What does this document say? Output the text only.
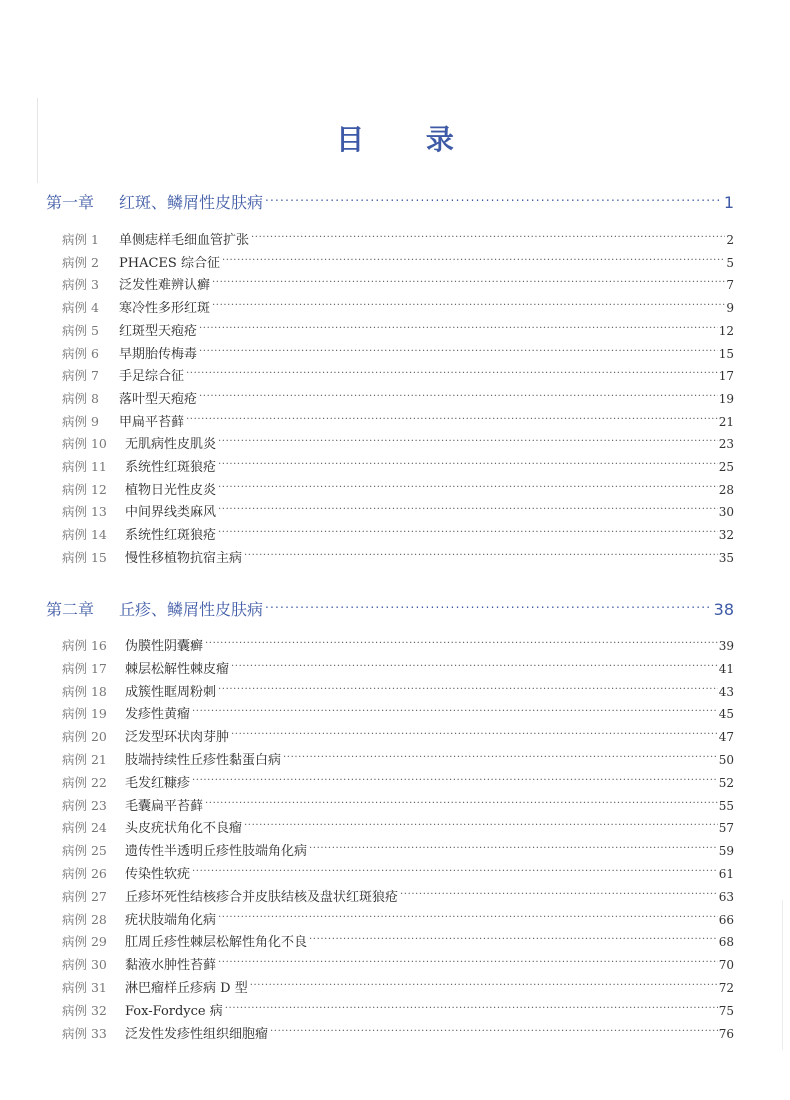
目 录
第一章	红斑、鳞屑性皮肤病 .....	1
病例 1	单侧痣样毛细血管扩张 .....	2
病例 2	PHACES 综合征 .....	5
病例 3	泛发性难辨认癣 .....	7
病例 4	寒冷性多形红斑 .....	9
病例 5	红斑型天疱疮 .....	12
病例 6	早期胎传梅毒 .....	15
病例 7	手足综合征 .....	17
病例 8	落叶型天疱疮 .....	19
病例 9	甲扁平苔藓 .....	21
病例 10	无肌病性皮肌炎 .....	23
病例 11	系统性红斑狼疮 .....	25
病例 12	植物日光性皮炎 .....	28
病例 13	中间界线类麻风 .....	30
病例 14	系统性红斑狼疮 .....	32
病例 15	慢性移植物抗宿主病 .....	35
第二章	丘疹、鳞屑性皮肤病 .....	38
病例 16	伪膜性阴囊癣 .....	39
病例 17	棘层松解性棘皮瘤 .....	41
病例 18	成簇性眶周粉刺 .....	43
病例 19	发疹性黄瘤 .....	45
病例 20	泛发型环状肉芽肿 .....	47
病例 21	肢端持续性丘疹性黏蛋白病 .....	50
病例 22	毛发红糠疹 .....	52
病例 23	毛囊扁平苔藓 .....	55
病例 24	头皮疣状角化不良瘤 .....	57
病例 25	遗传性半透明丘疹性肢端角化病 .....	59
病例 26	传染性软疣 .....	61
病例 27	丘疹坏死性结核疹合并皮肤结核及盘状红斑狼疮 .....	63
病例 28	疣状肢端角化病 .....	66
病例 29	肛周丘疹性棘层松解性角化不良 .....	68
病例 30	黏液水肿性苔藓 .....	70
病例 31	淋巴瘤样丘疹病 D 型 .....	72
病例 32	Fox-Fordyce 病 .....	75
病例 33	泛发性发疹性组织细胞瘤 .....	76
